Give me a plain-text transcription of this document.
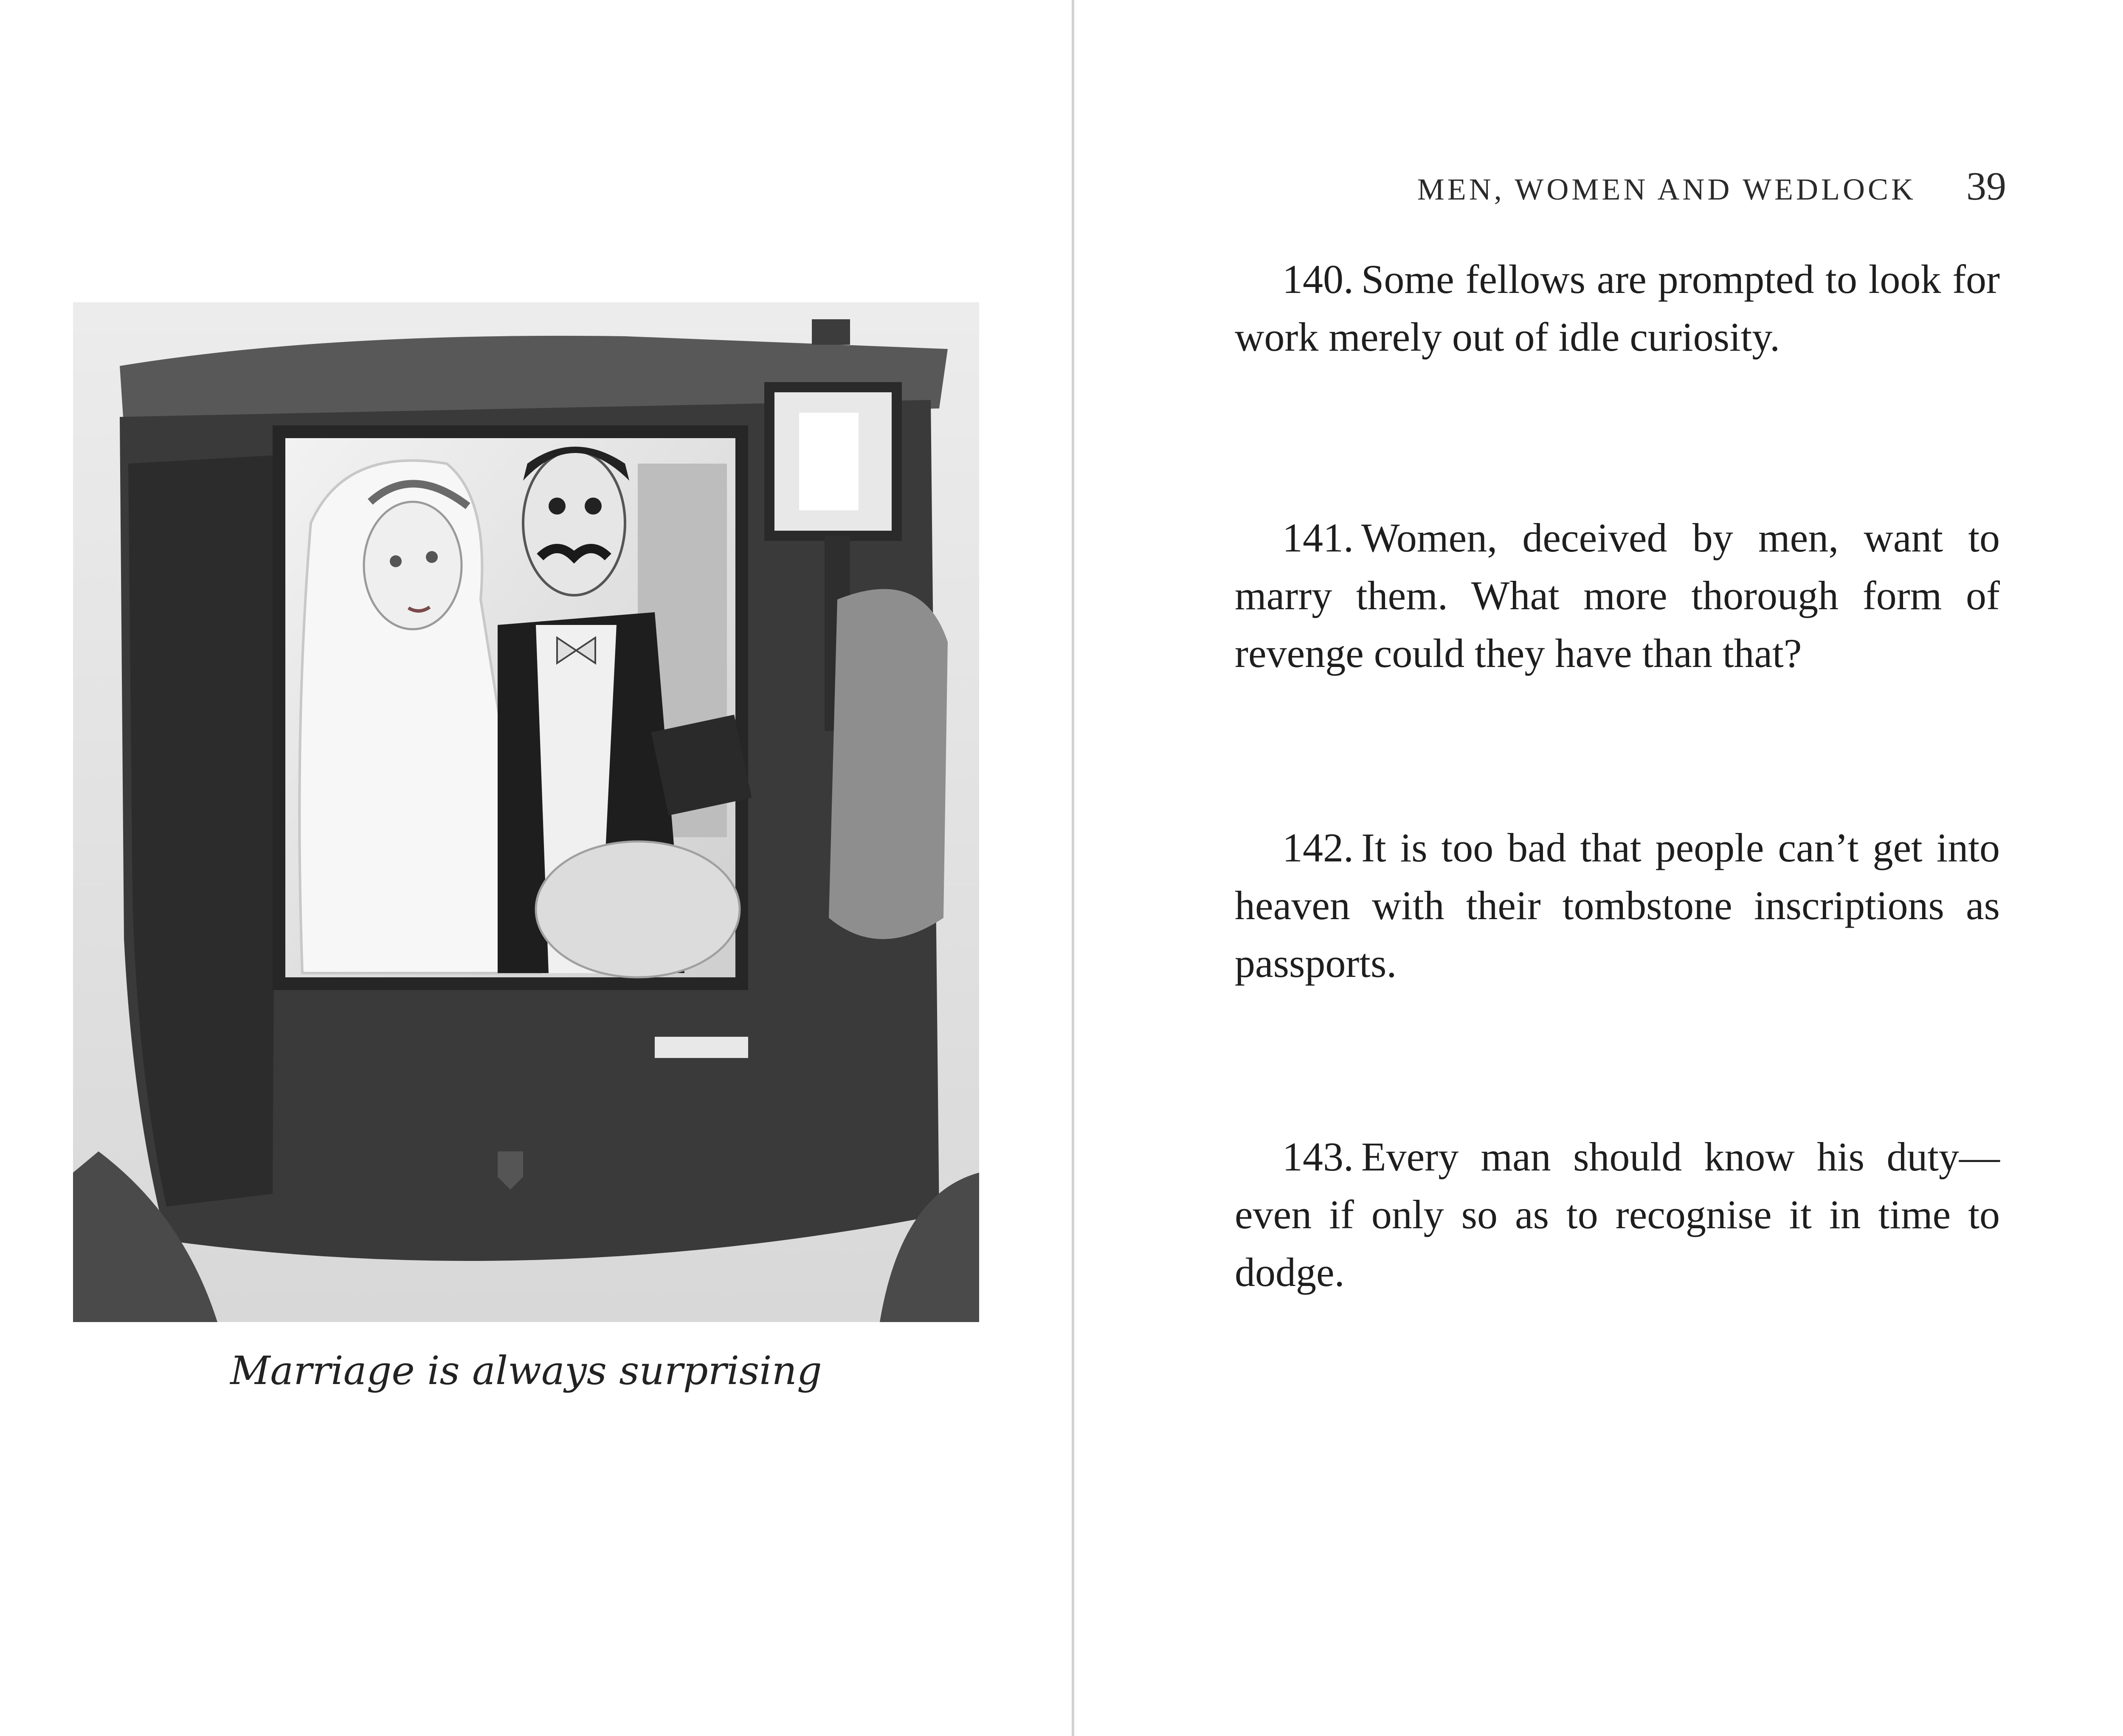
Marriage is always surprising
MEN, WOMEN AND WEDLOCK 39

140. Some fellows are prompted to look for work merely out of idle curiosity.

141. Women, deceived by men, want to marry them. What more thorough form of revenge could they have than that?

142. It is too bad that people can’t get into heaven with their tombstone inscriptions as passports.

143. Every man should know his duty—even if only so as to recognise it in time to dodge.
